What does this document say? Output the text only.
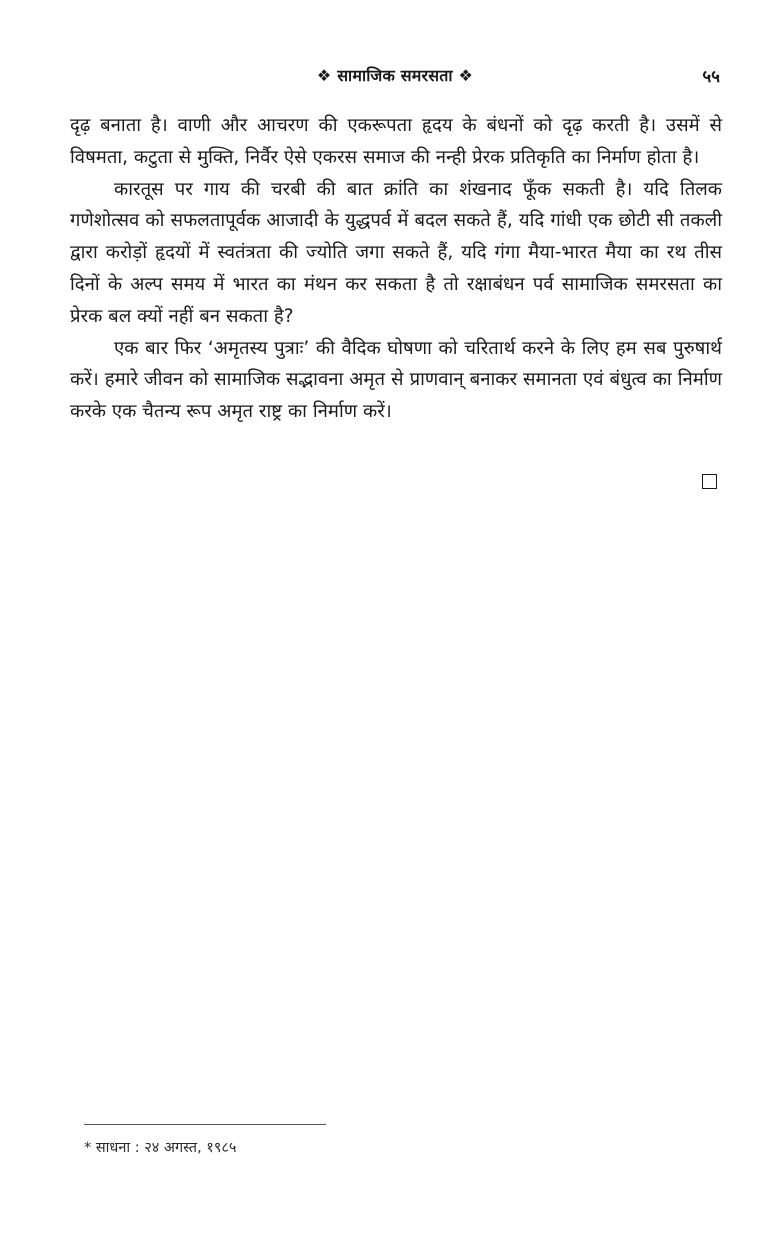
❖ सामाजिक समरसता ❖	५५

दृढ़ बनाता है। वाणी और आचरण की एकरूपता हृदय के बंधनों को दृढ़ करती है। उसमें से विषमता, कटुता से मुक्ति, निर्वैर ऐसे एकरस समाज की नन्ही प्रेरक प्रतिकृति का निर्माण होता है।

कारतूस पर गाय की चरबी की बात क्रांति का शंखनाद फूँक सकती है। यदि तिलक गणेशोत्सव को सफलतापूर्वक आजादी के युद्धपर्व में बदल सकते हैं, यदि गांधी एक छोटी सी तकली द्वारा करोड़ों हृदयों में स्वतंत्रता की ज्योति जगा सकते हैं, यदि गंगा मैया-भारत मैया का रथ तीस दिनों के अल्प समय में भारत का मंथन कर सकता है तो रक्षाबंधन पर्व सामाजिक समरसता का प्रेरक बल क्यों नहीं बन सकता है?

एक बार फिर ‘अमृतस्य पुत्राः’ की वैदिक घोषणा को चरितार्थ करने के लिए हम सब पुरुषार्थ करें। हमारे जीवन को सामाजिक सद्भावना अमृत से प्राणवान् बनाकर समानता एवं बंधुत्व का निर्माण करके एक चैतन्य रूप अमृत राष्ट्र का निर्माण करें।

* साधना : २४ अगस्त, १९८५
